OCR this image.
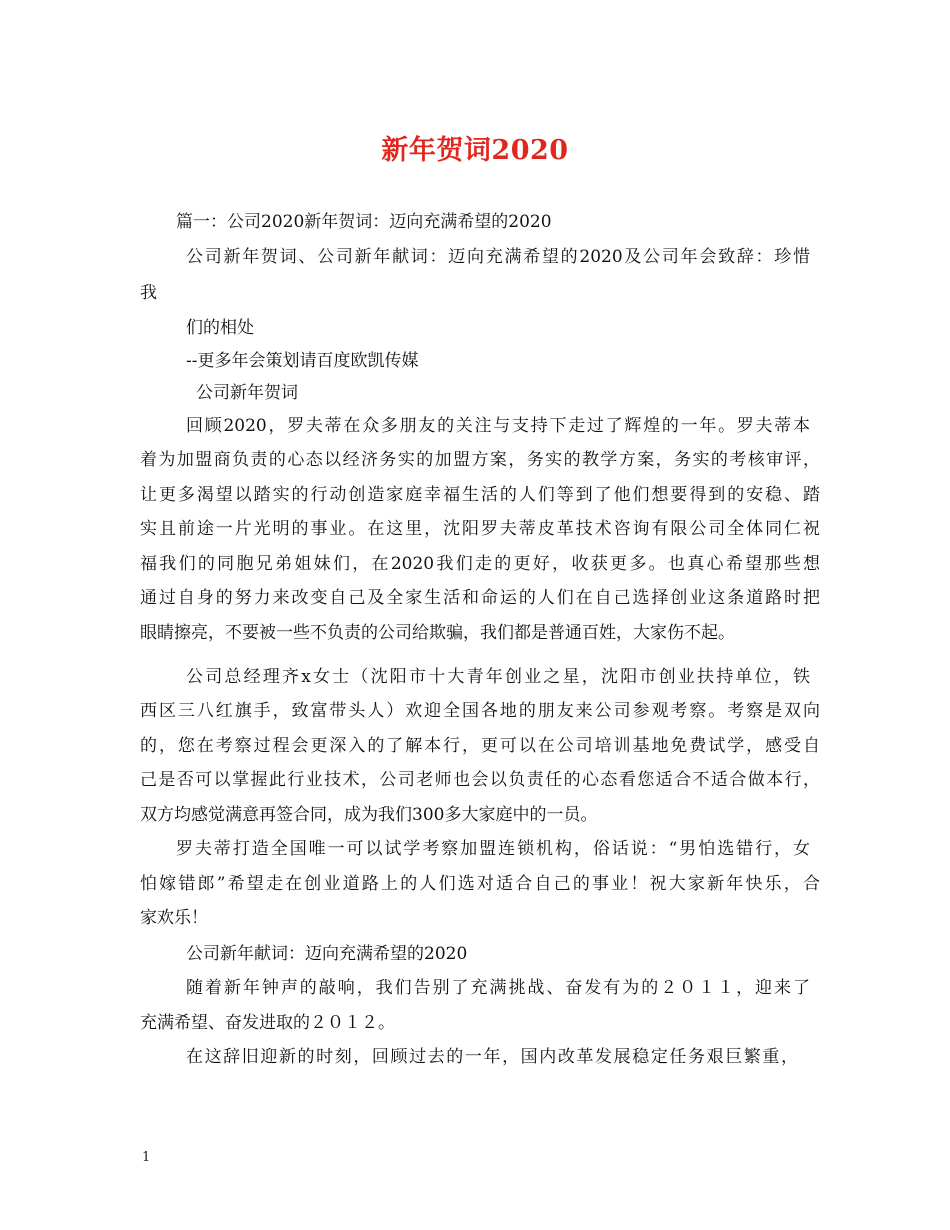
新年贺词2020

篇一：公司2020新年贺词：迈向充满希望的2020

公司新年贺词、公司新年献词：迈向充满希望的2020及公司年会致辞：珍惜

我

们的相处

--更多年会策划请百度欧凯传媒

公司新年贺词

回顾2020，罗夫蒂在众多朋友的关注与支持下走过了辉煌的一年。罗夫蒂本

着为加盟商负责的心态以经济务实的加盟方案，务实的教学方案，务实的考核审评，

让更多渴望以踏实的行动创造家庭幸福生活的人们等到了他们想要得到的安稳、踏

实且前途一片光明的事业。在这里，沈阳罗夫蒂皮革技术咨询有限公司全体同仁祝

福我们的同胞兄弟姐妹们，在2020我们走的更好，收获更多。也真心希望那些想

通过自身的努力来改变自己及全家生活和命运的人们在自己选择创业这条道路时把

眼睛擦亮，不要被一些不负责的公司给欺骗，我们都是普通百姓，大家伤不起。

公司总经理齐x女士（沈阳市十大青年创业之星，沈阳市创业扶持单位，铁

西区三八红旗手，致富带头人）欢迎全国各地的朋友来公司参观考察。考察是双向

的，您在考察过程会更深入的了解本行，更可以在公司培训基地免费试学，感受自

己是否可以掌握此行业技术，公司老师也会以负责任的心态看您适合不适合做本行，

双方均感觉满意再签合同，成为我们300多大家庭中的一员。

罗夫蒂打造全国唯一可以试学考察加盟连锁机构，俗话说：“男怕选错行，女

怕嫁错郎”希望走在创业道路上的人们选对适合自己的事业！祝大家新年快乐，合

家欢乐！

公司新年献词：迈向充满希望的2020

随着新年钟声的敲响，我们告别了充满挑战、奋发有为的２０１１，迎来了

充满希望、奋发进取的２０１２。

在这辞旧迎新的时刻，回顾过去的一年，国内改革发展稳定任务艰巨繁重，

1
